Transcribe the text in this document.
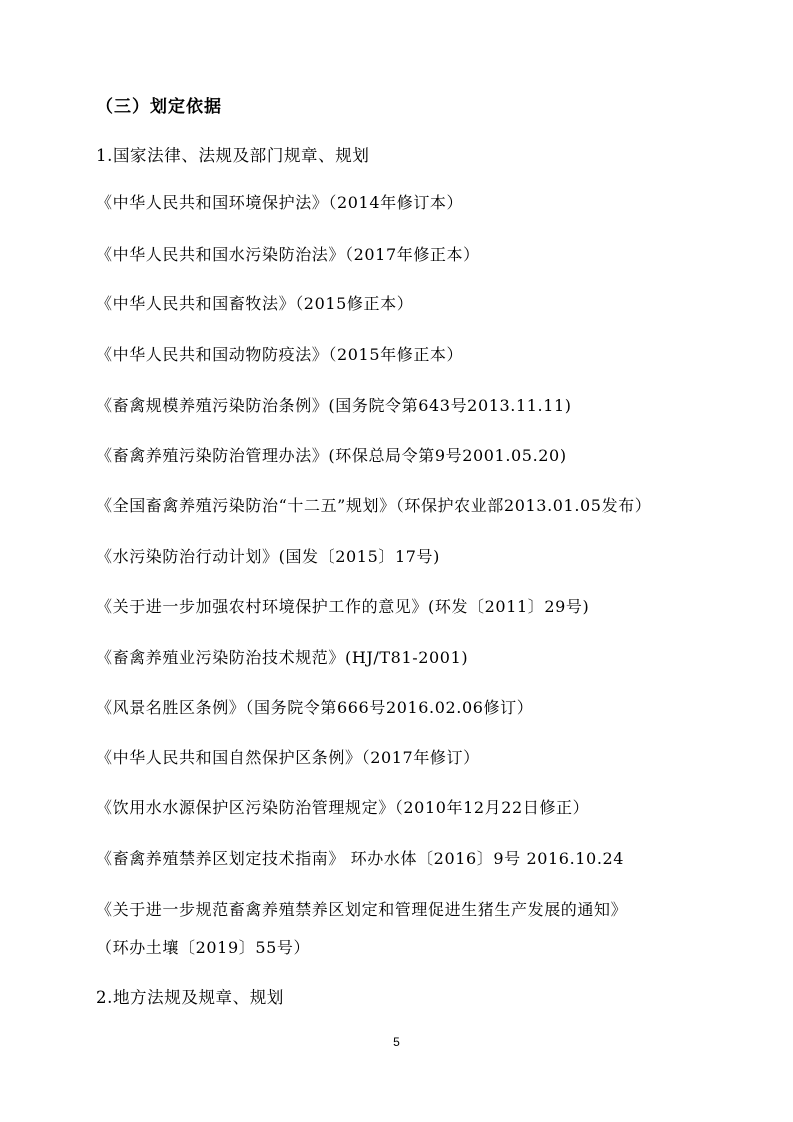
（三）划定依据
1.国家法律、法规及部门规章、规划
《中华人民共和国环境保护法》（2014年修订本）
《中华人民共和国水污染防治法》（2017年修正本）
《中华人民共和国畜牧法》（2015修正本）
《中华人民共和国动物防疫法》（2015年修正本）
《畜禽规模养殖污染防治条例》(国务院令第643号2013.11.11)
《畜禽养殖污染防治管理办法》(环保总局令第9号2001.05.20)
《全国畜禽养殖污染防治“十二五”规划》（环保护农业部2013.01.05发布）
《水污染防治行动计划》(国发〔2015〕17号)
《关于进一步加强农村环境保护工作的意见》(环发〔2011〕29号)
《畜禽养殖业污染防治技术规范》(HJ/T81-2001)
《风景名胜区条例》（国务院令第666号2016.02.06修订）
《中华人民共和国自然保护区条例》（2017年修订）
《饮用水水源保护区污染防治管理规定》（2010年12月22日修正）
《畜禽养殖禁养区划定技术指南》 环办水体〔2016〕9号 2016.10.24
《关于进一步规范畜禽养殖禁养区划定和管理促进生猪生产发展的通知》
（环办土壤〔2019〕55号）
2.地方法规及规章、规划
5
